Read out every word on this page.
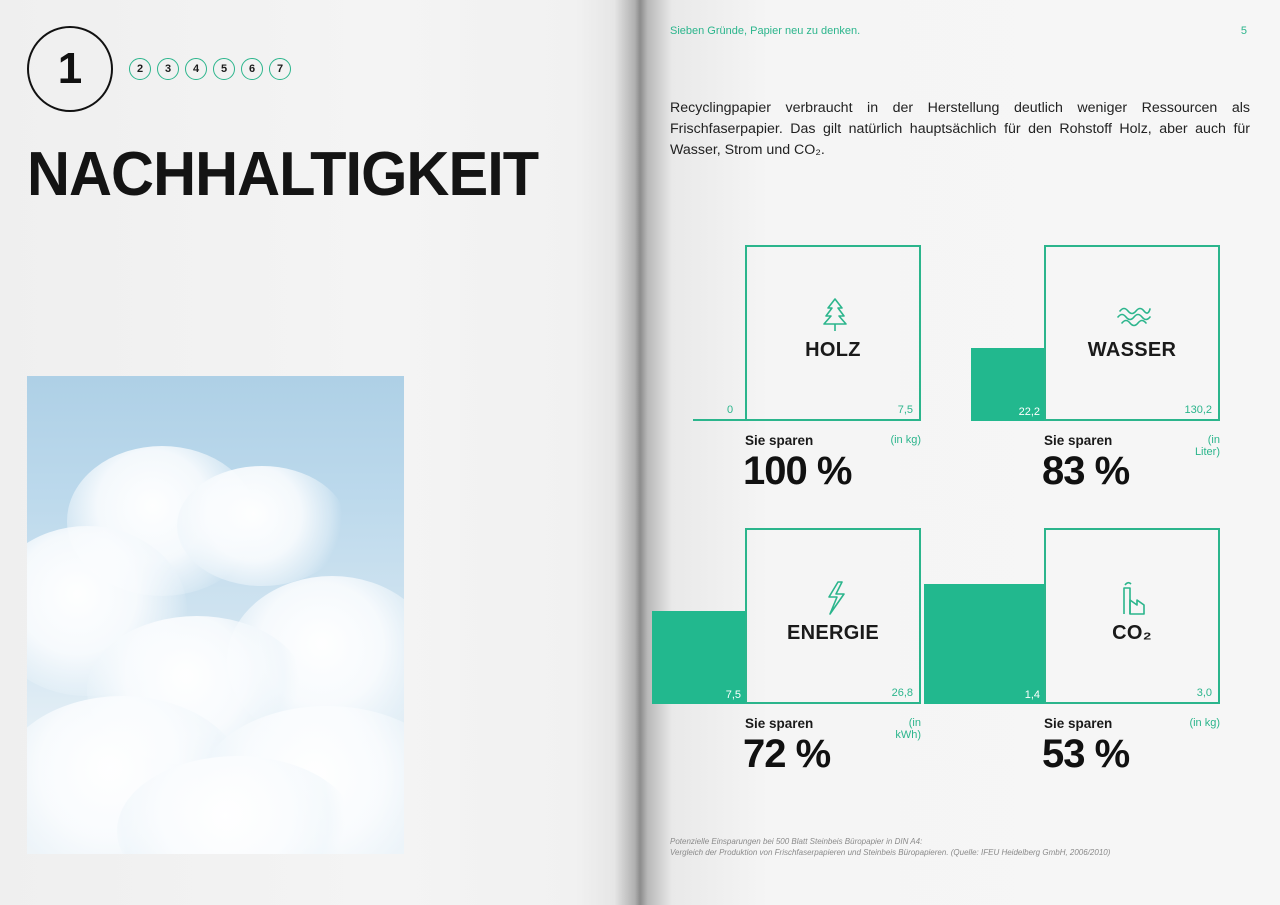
1	2	3	4	5	6	7
NACHHALTIGKEIT
Sieben Gründe, Papier neu zu denken.	5

Recyclingpapier verbraucht in der Herstellung deutlich weniger Ressourcen als Frischfaserpapier. Das gilt natürlich hauptsächlich für den Rohstoff Holz, aber auch für Wasser, Strom und CO₂.

0
HOLZ
7,5
Sie sparen	(in kg)
100 %
22,2
WASSER
130,2
Sie sparen	(in Liter)
83 %
7,5
ENERGIE
26,8
Sie sparen	(in kWh)
72 %
1,4
CO₂
3,0
Sie sparen	(in kg)
53 %
Potenzielle Einsparungen bei 500 Blatt Steinbeis Büropapier in DIN A4:
Vergleich der Produktion von Frischfaserpapieren und Steinbeis Büropapieren. (Quelle: IFEU Heidelberg GmbH, 2006/2010)
